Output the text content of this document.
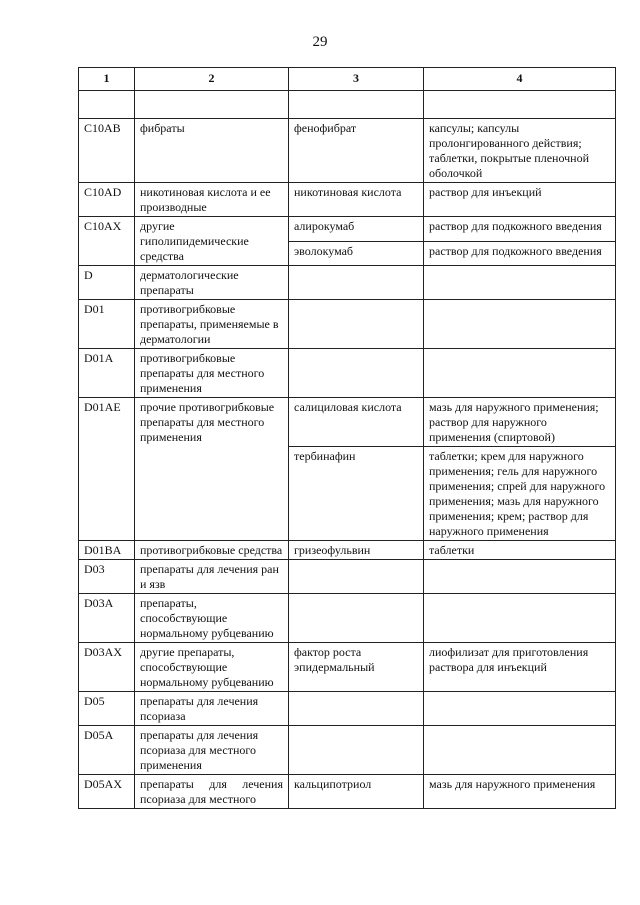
29
1	2	3	4

C10AB	фибраты	фенофибрат	капсулы; капсулы пролонгированного действия; таблетки, покрытые пленочной оболочкой
C10AD	никотиновая кислота и ее производные	никотиновая кислота	раствор для инъекций
C10AX	другие гиполипидемические средства	алирокумаб	раствор для подкожного введения
		эволокумаб	раствор для подкожного введения
D	дерматологические препараты		
D01	противогрибковые препараты, применяемые в дерматологии		
D01A	противогрибковые препараты для местного применения		
D01AE	прочие противогрибковые препараты для местного применения	салициловая кислота	мазь для наружного применения; раствор для наружного применения (спиртовой)
		тербинафин	таблетки; крем для наружного применения; гель для наружного применения; спрей для наружного применения; мазь для наружного применения; крем; раствор для наружного применения
D01BA	противогрибковые средства	гризеофульвин	таблетки
D03	препараты для лечения ран и язв		
D03A	препараты, способствующие нормальному рубцеванию		
D03AX	другие препараты, способствующие нормальному рубцеванию	фактор роста эпидермальный	лиофилизат для приготовления раствора для инъекций
D05	препараты для лечения псориаза		
D05A	препараты для лечения псориаза для местного применения		
D05AX	препараты для лечения псориаза для местного	кальципотриол	мазь для наружного применения
